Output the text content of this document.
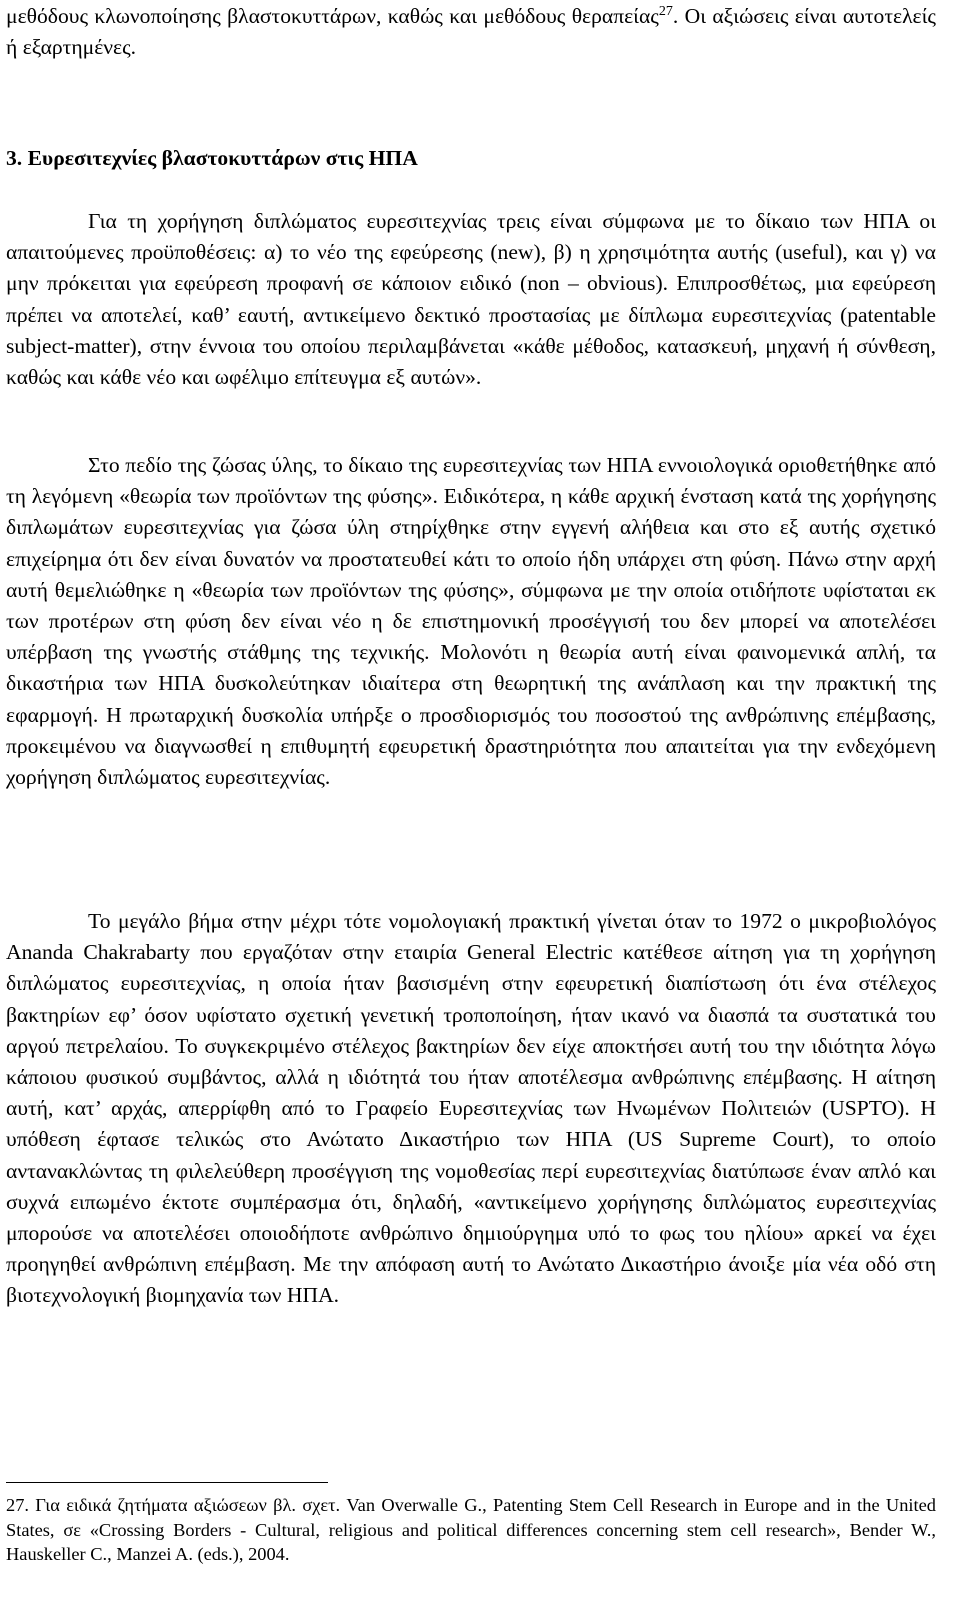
μεθόδους κλωνοποίησης βλαστοκυττάρων, καθώς και μεθόδους θεραπείας$^{27}$. Οι αξιώσεις είναι αυτοτελείς ή εξαρτημένες.

3. Ευρεσιτεχνίες βλαστοκυττάρων στις ΗΠΑ

Για τη χορήγηση διπλώματος ευρεσιτεχνίας τρεις είναι σύμφωνα με το δίκαιο των ΗΠΑ οι απαιτούμενες προϋποθέσεις: α) το νέο της εφεύρεσης (new), β) η χρησιμότητα αυτής (useful), και γ) να μην πρόκειται για εφεύρεση προφανή σε κάποιον ειδικό (non – obvious). Επιπροσθέτως, μια εφεύρεση πρέπει να αποτελεί, καθ’ εαυτή, αντικείμενο δεκτικό προστασίας με δίπλωμα ευρεσιτεχνίας (patentable subject-matter), στην έννοια του οποίου περιλαμβάνεται «κάθε μέθοδος, κατασκευή, μηχανή ή σύνθεση, καθώς και κάθε νέο και ωφέλιμο επίτευγμα εξ αυτών».

Στο πεδίο της ζώσας ύλης, το δίκαιο της ευρεσιτεχνίας των ΗΠΑ εννοιολογικά οριοθετήθηκε από τη λεγόμενη «θεωρία των προϊόντων της φύσης». Ειδικότερα, η κάθε αρχική ένσταση κατά της χορήγησης διπλωμάτων ευρεσιτεχνίας για ζώσα ύλη στηρίχθηκε στην εγγενή αλήθεια και στο εξ αυτής σχετικό επιχείρημα ότι δεν είναι δυνατόν να προστατευθεί κάτι το οποίο ήδη υπάρχει στη φύση. Πάνω στην αρχή αυτή θεμελιώθηκε η «θεωρία των προϊόντων της φύσης», σύμφωνα με την οποία οτιδήποτε υφίσταται εκ των προτέρων στη φύση δεν είναι νέο η δε επιστημονική προσέγγισή του δεν μπορεί να αποτελέσει υπέρβαση της γνωστής στάθμης της τεχνικής. Μολονότι η θεωρία αυτή είναι φαινομενικά απλή, τα δικαστήρια των ΗΠΑ δυσκολεύτηκαν ιδιαίτερα στη θεωρητική της ανάπλαση και την πρακτική της εφαρμογή. Η πρωταρχική δυσκολία υπήρξε ο προσδιορισμός του ποσοστού της ανθρώπινης επέμβασης, προκειμένου να διαγνωσθεί η επιθυμητή εφευρετική δραστηριότητα που απαιτείται για την ενδεχόμενη χορήγηση διπλώματος ευρεσιτεχνίας.

Το μεγάλο βήμα στην μέχρι τότε νομολογιακή πρακτική γίνεται όταν το 1972 ο μικροβιολόγος Ananda Chakrabarty που εργαζόταν στην εταιρία General Electric κατέθεσε αίτηση για τη χορήγηση διπλώματος ευρεσιτεχνίας, η οποία ήταν βασισμένη στην εφευρετική διαπίστωση ότι ένα στέλεχος βακτηρίων εφ’ όσον υφίστατο σχετική γενετική τροποποίηση, ήταν ικανό να διασπά τα συστατικά του αργού πετρελαίου. Το συγκεκριμένο στέλεχος βακτηρίων δεν είχε αποκτήσει αυτή του την ιδιότητα λόγω κάποιου φυσικού συμβάντος, αλλά η ιδιότητά του ήταν αποτέλεσμα ανθρώπινης επέμβασης. Η αίτηση αυτή, κατ’ αρχάς, απερρίφθη από το Γραφείο Ευρεσιτεχνίας των Ηνωμένων Πολιτειών (USPTO). Η υπόθεση έφτασε τελικώς στο Ανώτατο Δικαστήριο των ΗΠΑ (US Supreme Court), το οποίο αντανακλώντας τη φιλελεύθερη προσέγγιση της νομοθεσίας περί ευρεσιτεχνίας διατύπωσε έναν απλό και συχνά ειπωμένο έκτοτε συμπέρασμα ότι, δηλαδή, «αντικείμενο χορήγησης διπλώματος ευρεσιτεχνίας μπορούσε να αποτελέσει οποιοδήποτε ανθρώπινο δημιούργημα υπό το φως του ηλίου» αρκεί να έχει προηγηθεί ανθρώπινη επέμβαση. Με την απόφαση αυτή το Ανώτατο Δικαστήριο άνοιξε μία νέα οδό στη βιοτεχνολογική βιομηχανία των ΗΠΑ.

27. Για ειδικά ζητήματα αξιώσεων βλ. σχετ. Van Overwalle G., Patenting Stem Cell Research in Europe and in the United States, σε «Crossing Borders - Cultural, religious and political differences concerning stem cell research», Bender W., Hauskeller C., Manzei A. (eds.), 2004.
